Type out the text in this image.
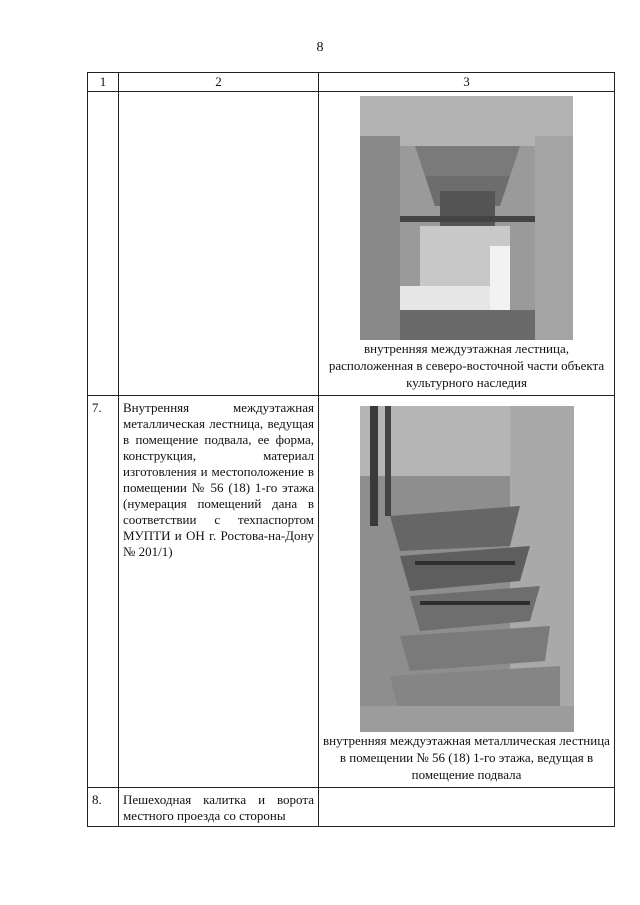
8
1	2	3

		внутренняя междуэтажная лестница, расположенная в северо-восточной части объекта культурного наследия

7.	Внутренняя междуэтажная металлическая лестница, ведущая в помещение подвала, ее форма, конструкция, материал изготовления и местоположение в помещении № 56 (18) 1-го этажа (нумерация помещений дана в соответствии с техпаспортом МУПТИ и ОН г. Ростова-на-Дону № 201/1)	внутренняя междуэтажная металлическая лестница в помещении № 56 (18) 1-го этажа, ведущая в помещение подвала

8.	Пешеходная калитка и ворота местного проезда со стороны	
